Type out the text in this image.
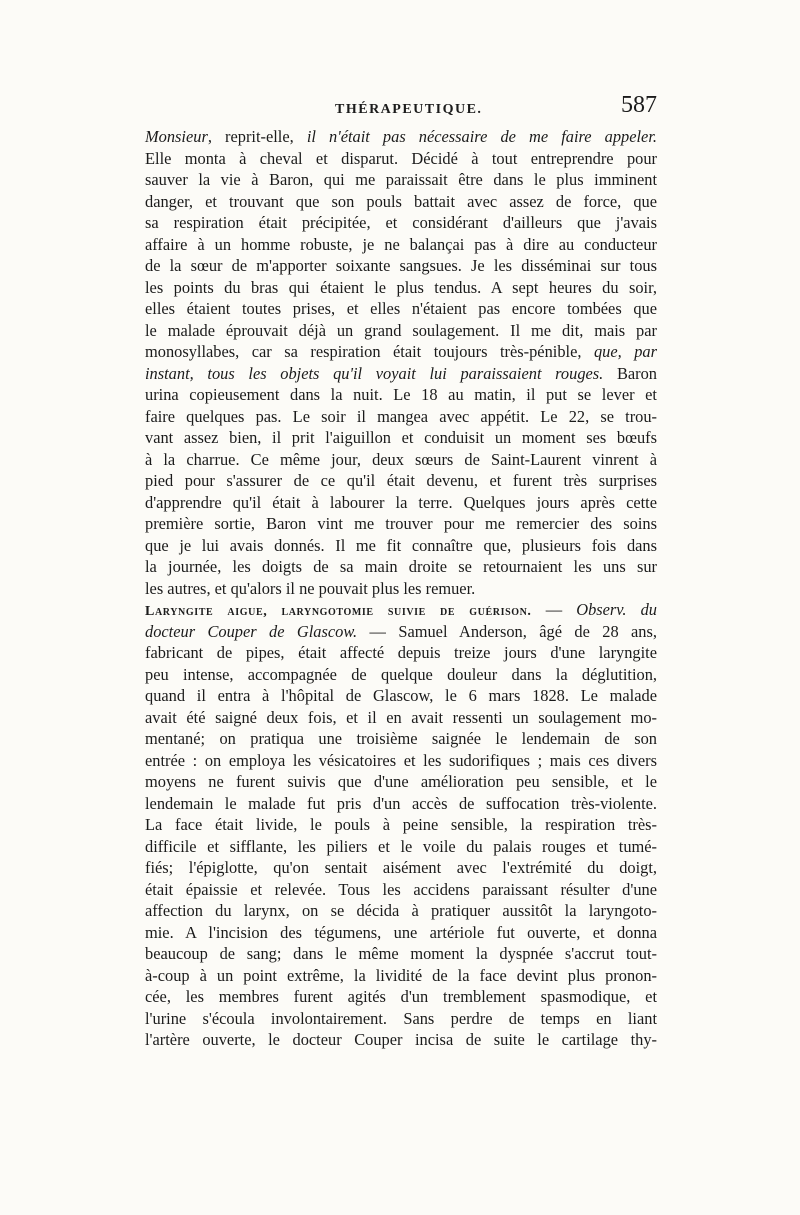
THÉRAPEUTIQUE.	587
Monsieur, reprit-elle, il n'était pas nécessaire de me faire appeler.
Elle monta à cheval et disparut. Décidé à tout entreprendre pour
sauver la vie à Baron, qui me paraissait être dans le plus imminent
danger, et trouvant que son pouls battait avec assez de force, que
sa respiration était précipitée, et considérant d'ailleurs que j'avais
affaire à un homme robuste, je ne balançai pas à dire au conducteur
de la sœur de m'apporter soixante sangsues. Je les disséminai sur tous
les points du bras qui étaient le plus tendus. A sept heures du soir,
elles étaient toutes prises, et elles n'étaient pas encore tombées que
le malade éprouvait déjà un grand soulagement. Il me dit, mais par
monosyllabes, car sa respiration était toujours très-pénible, que, par
instant, tous les objets qu'il voyait lui paraissaient rouges. Baron
urina copieusement dans la nuit. Le 18 au matin, il put se lever et
faire quelques pas. Le soir il mangea avec appétit. Le 22, se trou-
vant assez bien, il prit l'aiguillon et conduisit un moment ses bœufs
à la charrue. Ce même jour, deux sœurs de Saint-Laurent vinrent à
pied pour s'assurer de ce qu'il était devenu, et furent très surprises
d'apprendre qu'il était à labourer la terre. Quelques jours après cette
première sortie, Baron vint me trouver pour me remercier des soins
que je lui avais donnés. Il me fit connaître que, plusieurs fois dans
la journée, les doigts de sa main droite se retournaient les uns sur
les autres, et qu'alors il ne pouvait plus les remuer.
Laryngite aigue, laryngotomie suivie de guérison. — Observ. du
docteur Couper de Glascow. — Samuel Anderson, âgé de 28 ans,
fabricant de pipes, était affecté depuis treize jours d'une laryngite
peu intense, accompagnée de quelque douleur dans la déglutition,
quand il entra à l'hôpital de Glascow, le 6 mars 1828. Le malade
avait été saigné deux fois, et il en avait ressenti un soulagement mo-
mentané; on pratiqua une troisième saignée le lendemain de son
entrée : on employa les vésicatoires et les sudorifiques ; mais ces divers
moyens ne furent suivis que d'une amélioration peu sensible, et le
lendemain le malade fut pris d'un accès de suffocation très-violente.
La face était livide, le pouls à peine sensible, la respiration très-
difficile et sifflante, les piliers et le voile du palais rouges et tumé-
fiés; l'épiglotte, qu'on sentait aisément avec l'extrémité du doigt,
était épaissie et relevée. Tous les accidens paraissant résulter d'une
affection du larynx, on se décida à pratiquer aussitôt la laryngoto-
mie. A l'incision des tégumens, une artériole fut ouverte, et donna
beaucoup de sang; dans le même moment la dyspnée s'accrut tout-
à-coup à un point extrême, la lividité de la face devint plus pronon-
cée, les membres furent agités d'un tremblement spasmodique, et
l'urine s'écoula involontairement. Sans perdre de temps en liant
l'artère ouverte, le docteur Couper incisa de suite le cartilage thy-
